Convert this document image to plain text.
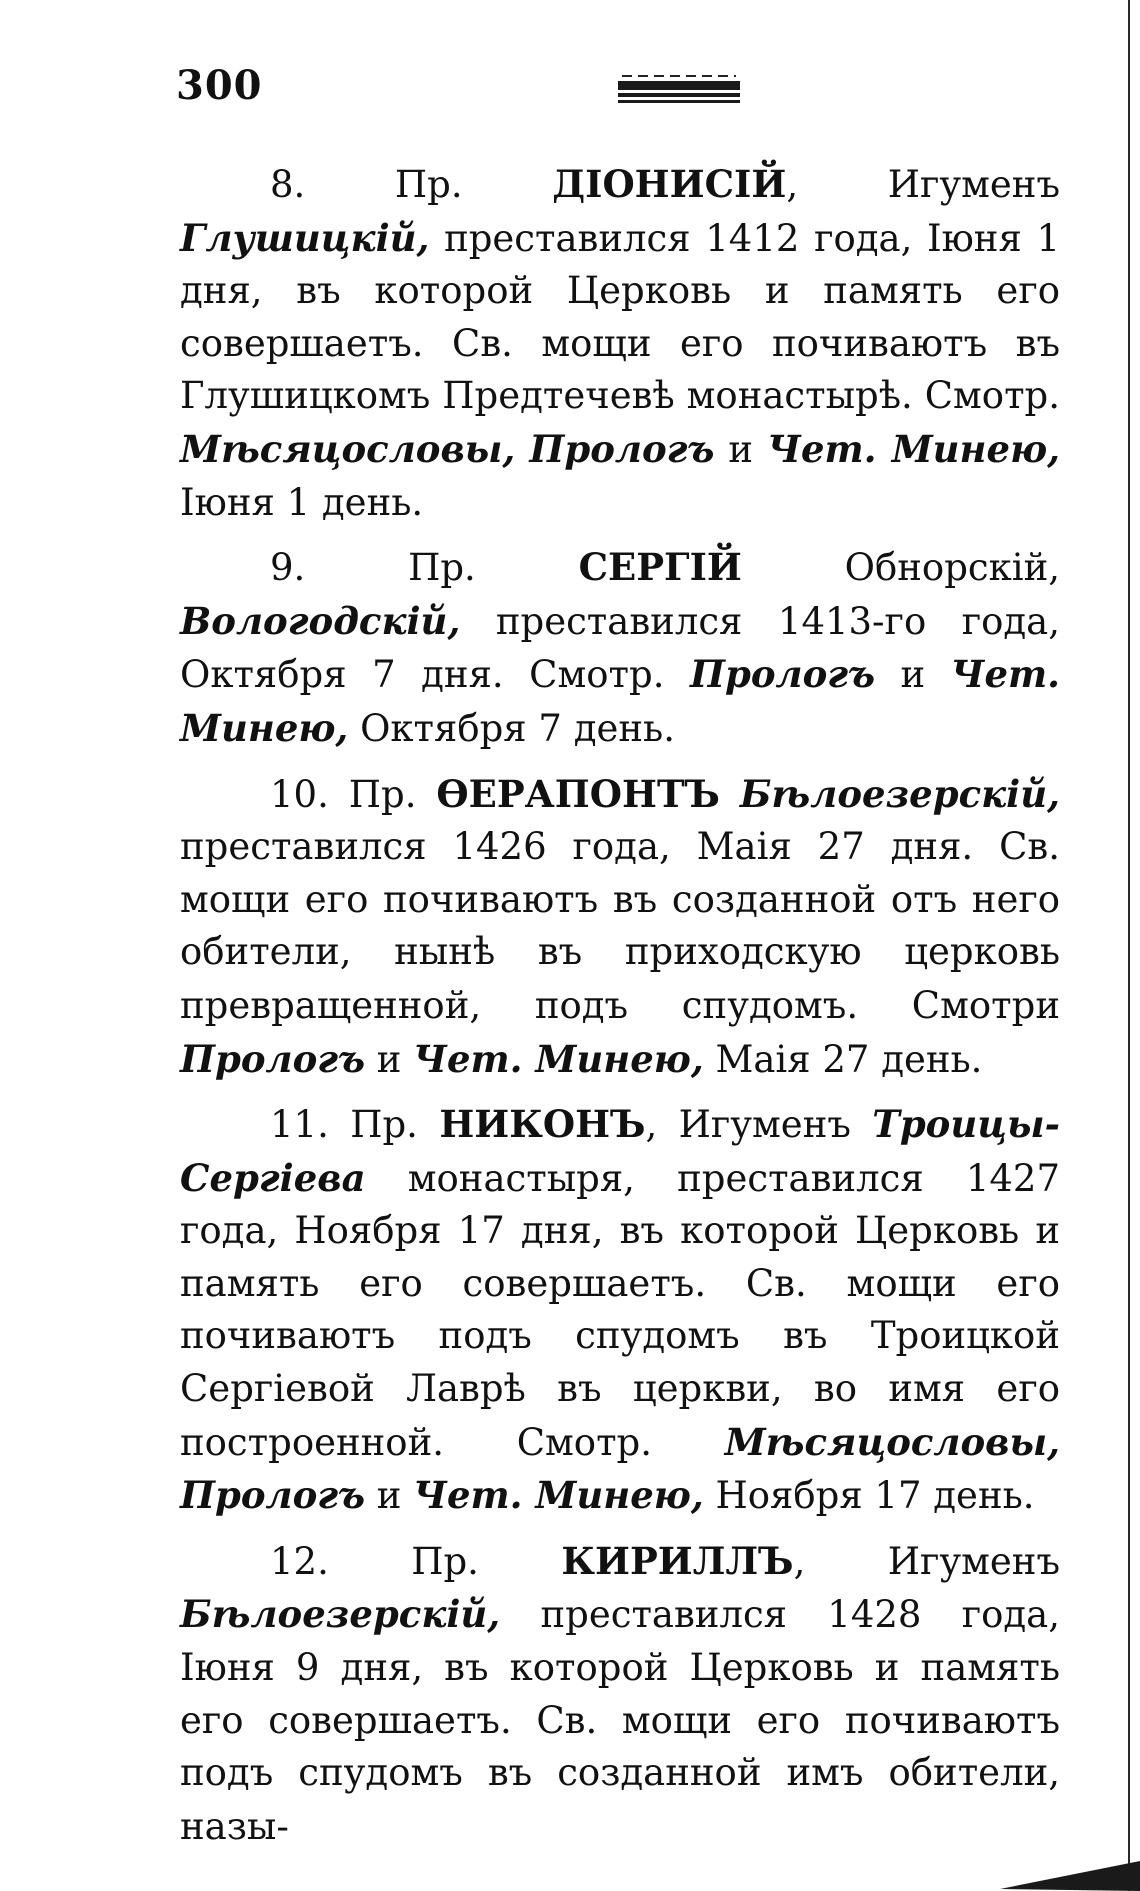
300

8. Пр. ДІОНИСІЙ, Игуменъ Глушицкій, преставился 1412 года, Іюня 1 дня, въ которой Церковь и память его совершаетъ. Св. мощи его почиваютъ въ Глушицкомъ Предтечевѣ монастырѣ. Смотр. Мѣсяцословы, Прологъ и Чет. Минею, Іюня 1 день.

9. Пр. СЕРГІЙ Обнорскій, Вологодскій, преставился 1413-го года, Октября 7 дня. Смотр. Прологъ и Чет. Минею, Октября 7 день.

10. Пр. ѲЕРАПОНТЪ Бѣлоезерскій, преставился 1426 года, Маія 27 дня. Св. мощи его почиваютъ въ созданной отъ него обители, нынѣ въ приходскую церковь превращенной, подъ спудомъ. Смотри Прологъ и Чет. Минею, Маія 27 день.

11. Пр. НИКОНЪ, Игуменъ Троицы-Сергіева монастыря, преставился 1427 года, Ноября 17 дня, въ которой Церковь и память его совершаетъ. Св. мощи его почиваютъ подъ спудомъ въ Троицкой Сергіевой Лаврѣ въ церкви, во имя его построенной. Смотр. Мѣсяцословы, Прологъ и Чет. Минею, Ноября 17 день.

12. Пр. КИРИЛЛЪ, Игуменъ Бѣлоезерскій, преставился 1428 года, Іюня 9 дня, въ которой Церковь и память его совершаетъ. Св. мощи его почиваютъ подъ спудомъ въ созданной имъ обители, назы-
